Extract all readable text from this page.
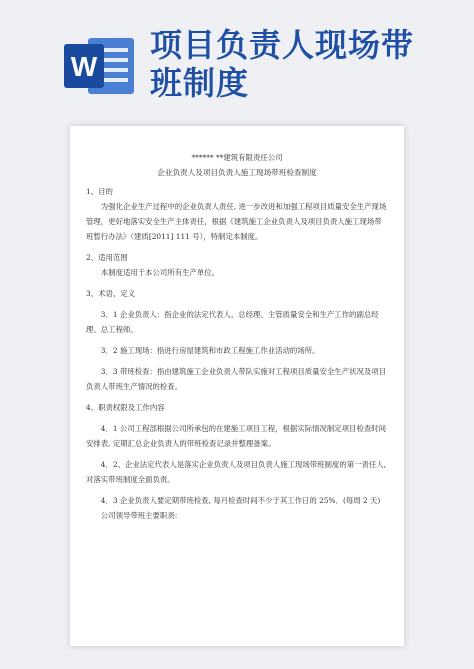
W
项目负责人现场带
班制度

****** **建筑有限责任公司

企业负责人及项目负责人施工现场带班检查制度

1、目的

为强化企业生产过程中的企业负责人责任, 进一步改进和加强工程项目质量安全生产现场管理，更好地落实安全生产主体责任，根据《建筑施工企业负责人及项目负责人施工现场带班暂行办法》（建质[2011] 111 号），特制定本制度。

2、适用范围

本制度适用于本公司所有生产单位。

3、术语、定义

3．1 企业负责人：指企业的法定代表人、总经理、主管质量安全和生产工作的副总经理、总工程师。

3．2 施工现场：指进行房屋建筑和市政工程施工作业活动的场所。

3．3 带班检查：指由建筑施工企业负责人带队实施对工程项目质量安全生产状况及项目负责人带班生产情况的检查。

4、职责权限及工作内容

4．1 公司工程部根据公司所承包的在建施工项目工程，根据实际情况制定项目检查时间安排表, 定期汇总企业负责人的带班检查记录并整理备案。

4．2、企业法定代表人是落实企业负责人及项目负责人施工现场带班制度的第一责任人, 对落实带班制度全面负责。

4．3 企业负责人要定期带班检查, 每月检查时间不少于其工作日的 25%．(每周 2 天)

公司领导带班主要职责:
